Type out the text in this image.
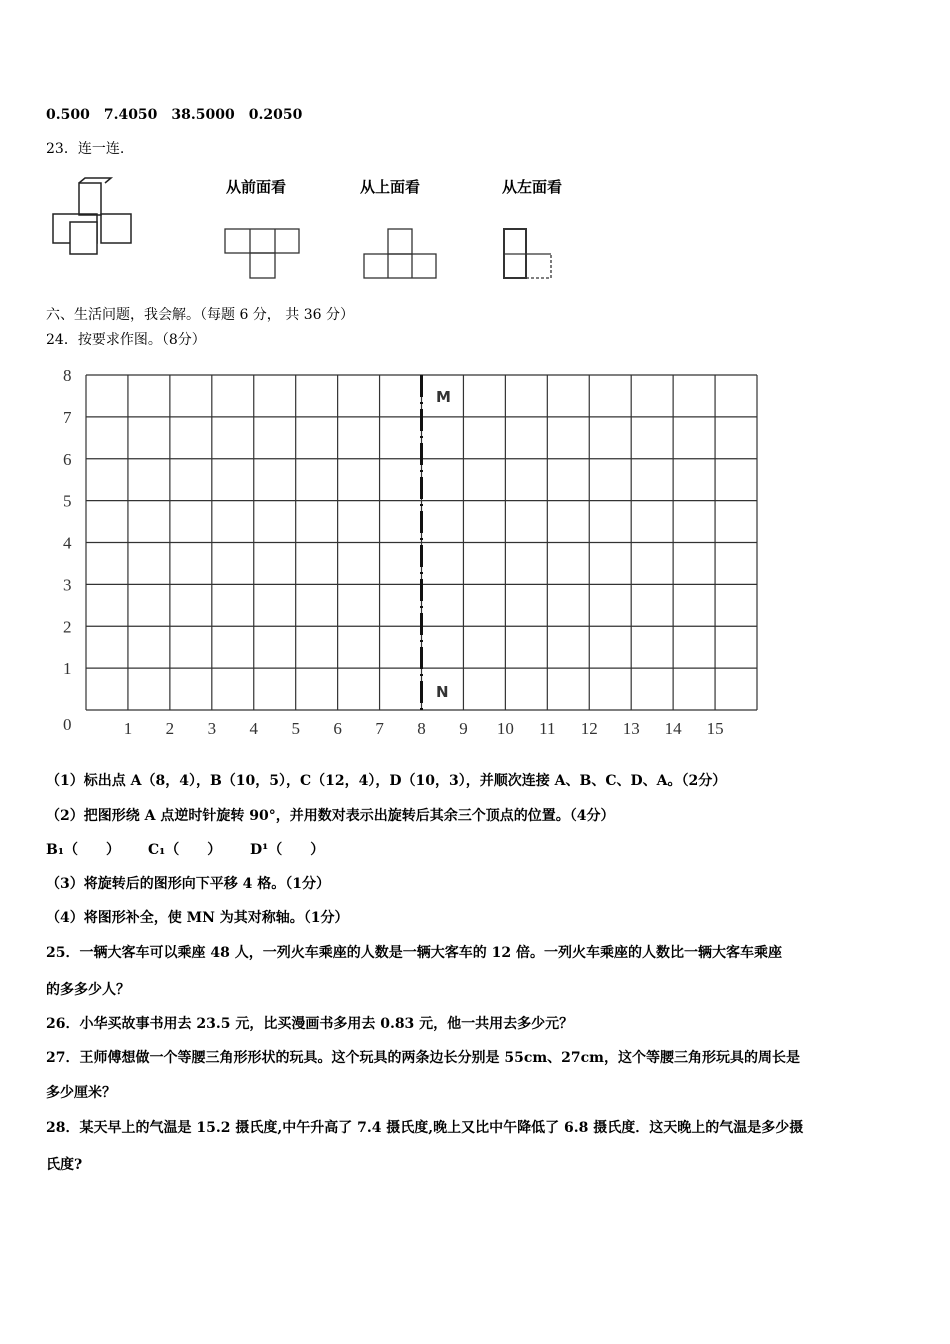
0.500　7.4050　38.5000　0.2050
23．连一连.
从前面看	从上面看	从左面看
六、生活问题，我会解。（每题 6 分， 共 36 分）
24．按要求作图。（8分）
0
1
2
3
4
5
6
7
8
1 2 3 4 5 6 7 8 9 10 11 12 13 14 15
M
N
（1）标出点 A（8，4），B（10，5），C（12，4），D（10，3），并顺次连接 A、B、C、D、A。（2分）
（2）把图形绕 A 点逆时针旋转 90°，并用数对表示出旋转后其余三个顶点的位置。（4分）
B₁（　　） C₁（　　） D¹（　　）
（3）将旋转后的图形向下平移 4 格。（1分）
（4）将图形补全，使 MN 为其对称轴。（1分）
25．一辆大客车可以乘座 48 人，一列火车乘座的人数是一辆大客车的 12 倍。一列火车乘座的人数比一辆大客车乘座
的多多少人？
26．小华买故事书用去 23.5 元，比买漫画书多用去 0.83 元，他一共用去多少元？
27．王师傅想做一个等腰三角形形状的玩具。这个玩具的两条边长分别是 55cm、27cm，这个等腰三角形玩具的周长是
多少厘米？
28．某天早上的气温是 15.2 摄氏度,中午升高了 7.4 摄氏度,晚上又比中午降低了 6.8 摄氏度．这天晚上的气温是多少摄
氏度?
